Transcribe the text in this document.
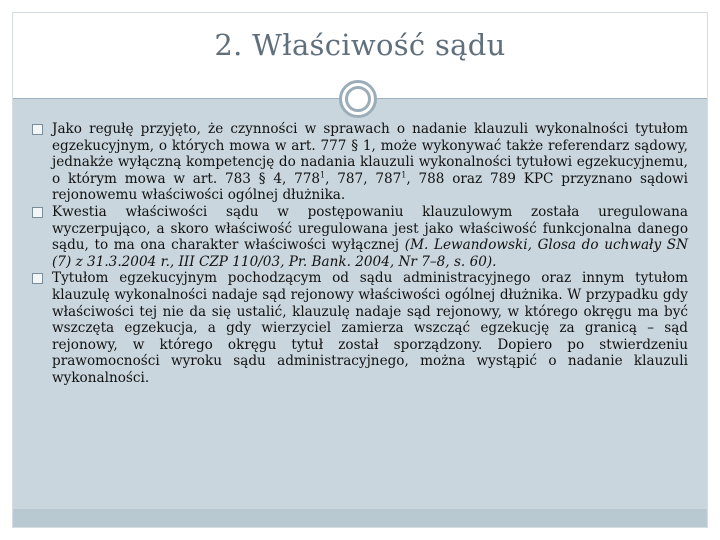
2. Właściwość sądu
Jako regułę przyjęto, że czynności w sprawach o nadanie klauzuli wykonalności tytułom egzekucyjnym, o których mowa w art. 777 § 1, może wykonywać także referendarz sądowy, jednakże wyłączną kompetencję do nadania klauzuli wykonalności tytułowi egzekucyjnemu, o którym mowa w art. 783 § 4, $778^1$, 787, $787^1$, 788 oraz 789 KPC przyznano sądowi rejonowemu właściwości ogólnej dłużnika.
Kwestia właściwości sądu w postępowaniu klauzulowym została uregulowana wyczerpująco, a skoro właściwość uregulowana jest jako właściwość funkcjonalna danego sądu, to ma ona charakter właściwości wyłącznej (M. Lewandowski, Glosa do uchwały SN (7) z 31.3.2004 r., III CZP 110/03, Pr. Bank. 2004, Nr 7–8, s. 60).
Tytułom egzekucyjnym pochodzącym od sądu administracyjnego oraz innym tytułom klauzulę wykonalności nadaje sąd rejonowy właściwości ogólnej dłużnika. W przypadku gdy właściwości tej nie da się ustalić, klauzulę nadaje sąd rejonowy, w którego okręgu ma być wszczęta egzekucja, a gdy wierzyciel zamierza wszcząć egzekucję za granicą – sąd rejonowy, w którego okręgu tytuł został sporządzony. Dopiero po stwierdzeniu prawomocności wyroku sądu administracyjnego, można wystąpić o nadanie klauzuli wykonalności.
